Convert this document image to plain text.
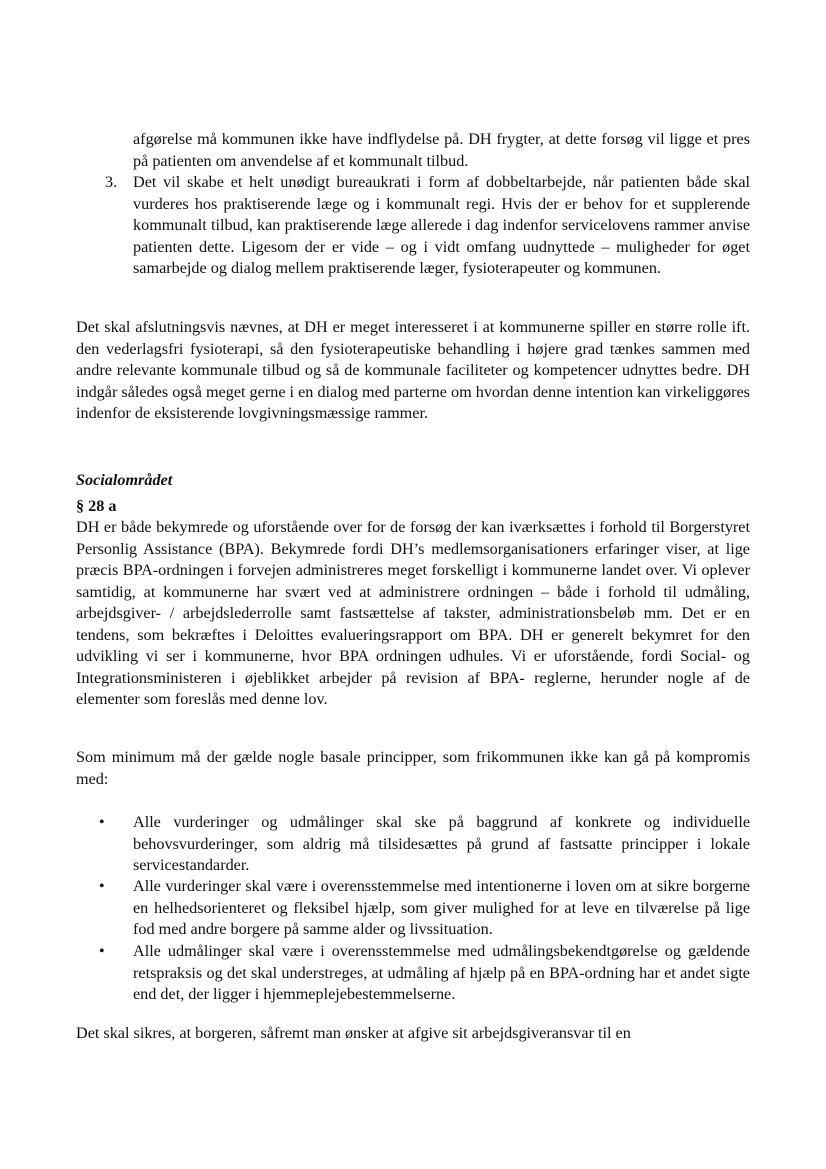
afgørelse må kommunen ikke have indflydelse på. DH frygter, at dette forsøg vil ligge et pres på patienten om anvendelse af et kommunalt tilbud.
3. Det vil skabe et helt unødigt bureaukrati i form af dobbeltarbejde, når patienten både skal vurderes hos praktiserende læge og i kommunalt regi. Hvis der er behov for et supplerende kommunalt tilbud, kan praktiserende læge allerede i dag indenfor servicelovens rammer anvise patienten dette. Ligesom der er vide – og i vidt omfang uudnyttede – muligheder for øget samarbejde og dialog mellem praktiserende læger, fysioterapeuter og kommunen.
Det skal afslutningsvis nævnes, at DH er meget interesseret i at kommunerne spiller en større rolle ift. den vederlagsfri fysioterapi, så den fysioterapeutiske behandling i højere grad tænkes sammen med andre relevante kommunale tilbud og så de kommunale faciliteter og kompetencer udnyttes bedre. DH indgår således også meget gerne i en dialog med parterne om hvordan denne intention kan virkeliggøres indenfor de eksisterende lovgivningsmæssige rammer.
Socialområdet
§ 28 a
DH er både bekymrede og uforstående over for de forsøg der kan iværksættes i forhold til Borgerstyret Personlig Assistance (BPA). Bekymrede fordi DH’s medlemsorganisationers erfaringer viser, at lige præcis BPA-ordningen i forvejen administreres meget forskelligt i kommunerne landet over. Vi oplever samtidig, at kommunerne har svært ved at administrere ordningen – både i forhold til udmåling, arbejdsgiver- / arbejdslederrolle samt fastsættelse af takster, administrationsbeløb mm. Det er en tendens, som bekræftes i Deloittes evalueringsrapport om BPA. DH er generelt bekymret for den udvikling vi ser i kommunerne, hvor BPA ordningen udhules. Vi er uforstående, fordi Social- og Integrationsministeren i øjeblikket arbejder på revision af BPA- reglerne, herunder nogle af de elementer som foreslås med denne lov.
Som minimum må der gælde nogle basale principper, som frikommunen ikke kan gå på kompromis med:
• Alle vurderinger og udmålinger skal ske på baggrund af konkrete og individuelle behovsvurderinger, som aldrig må tilsidesættes på grund af fastsatte principper i lokale servicestandarder.
• Alle vurderinger skal være i overensstemmelse med intentionerne i loven om at sikre borgerne en helhedsorienteret og fleksibel hjælp, som giver mulighed for at leve en tilværelse på lige fod med andre borgere på samme alder og livssituation.
• Alle udmålinger skal være i overensstemmelse med udmålingsbekendtgørelse og gældende retspraksis og det skal understreges, at udmåling af hjælp på en BPA-ordning har et andet sigte end det, der ligger i hjemmeplejebestemmelserne.
Det skal sikres, at borgeren, såfremt man ønsker at afgive sit arbejdsgiveransvar til en
